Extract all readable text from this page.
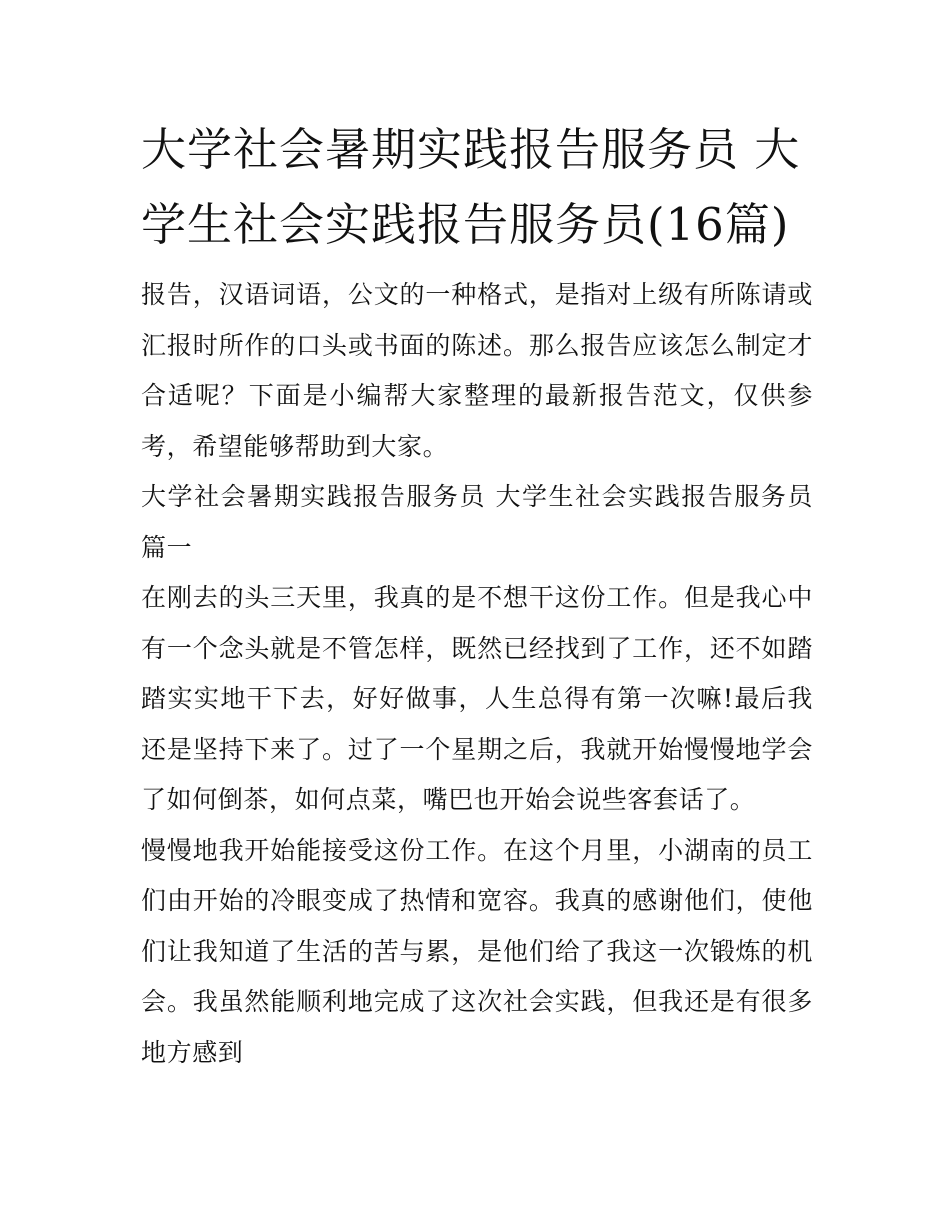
大学社会暑期实践报告服务员 大学生社会实践报告服务员(16篇)

报告，汉语词语，公文的一种格式，是指对上级有所陈请或汇报时所作的口头或书面的陈述。那么报告应该怎么制定才合适呢？下面是小编帮大家整理的最新报告范文，仅供参考，希望能够帮助到大家。

大学社会暑期实践报告服务员 大学生社会实践报告服务员篇一

在刚去的头三天里，我真的是不想干这份工作。但是我心中有一个念头就是不管怎样，既然已经找到了工作，还不如踏踏实实地干下去，好好做事，人生总得有第一次嘛!最后我还是坚持下来了。过了一个星期之后，我就开始慢慢地学会了如何倒茶，如何点菜，嘴巴也开始会说些客套话了。

慢慢地我开始能接受这份工作。在这个月里，小湖南的员工们由开始的冷眼变成了热情和宽容。我真的感谢他们，使他们让我知道了生活的苦与累，是他们给了我这一次锻炼的机会。我虽然能顺利地完成了这次社会实践，但我还是有很多地方感到
